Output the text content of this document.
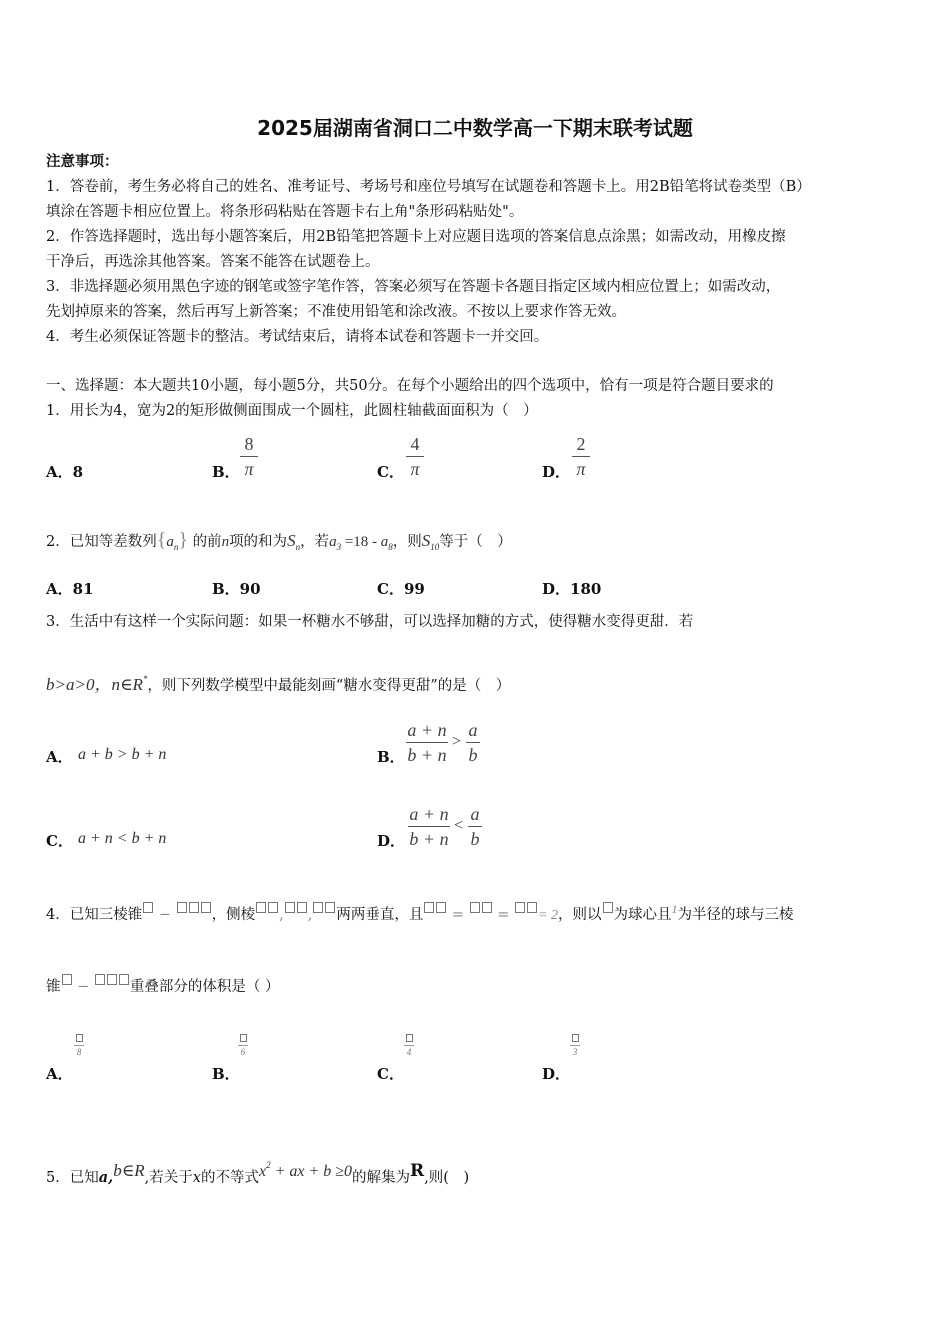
2025届湖南省洞口二中数学高一下期末联考试题
注意事项：
1．答卷前，考生务必将自己的姓名、准考证号、考场号和座位号填写在试题卷和答题卡上。用2B铅笔将试卷类型（B）
填涂在答题卡相应位置上。将条形码粘贴在答题卡右上角"条形码粘贴处"。
2．作答选择题时，选出每小题答案后，用2B铅笔把答题卡上对应题目选项的答案信息点涂黑；如需改动，用橡皮擦
干净后，再选涂其他答案。答案不能答在试题卷上。
3．非选择题必须用黑色字迹的钢笔或签字笔作答，答案必须写在答题卡各题目指定区域内相应位置上；如需改动，
先划掉原来的答案，然后再写上新答案；不准使用铅笔和涂改液。不按以上要求作答无效。
4．考生必须保证答题卡的整洁。考试结束后，请将本试卷和答题卡一并交回。
一、选择题：本大题共10小题，每小题5分，共50分。在每个小题给出的四个选项中，恰有一项是符合题目要求的
1．用长为4，宽为2的矩形做侧面围成一个圆柱，此圆柱轴截面面积为（　）
A．8	B．
8
π	C．
4
π	D．
2
π
2．已知等差数列$\{a_n\}$ 的前n项的和为$S_n$，若$a_3 =18 - a_8$，则$S_{10}$等于（　）
A．81	B．90	C．99	D．180
3．生活中有这样一个实际问题：如果一杯糖水不够甜，可以选择加糖的方式，使得糖水变得更甜．若
b>a>0，n∈R*，则下列数学模型中最能刻画“糖水变得更甜”的是（　）
A． a + b > b + n	B．
a + n
b + n
>
a
b
C． a + n < b + n	D．
a + n
b + n
<
a
b
4．已知三棱锥 − ，侧棱 , , 两两垂直，且 =  = = 2，则以 为球心且$^1$为半径的球与三棱
锥 − 重叠部分的体积是（ ）
A．
8
B．
6
C．
4
D．
3
5．已知a,b∈R,若关于x的不等式$x^2$ + ax + b ≥0的解集为R,则(　)
